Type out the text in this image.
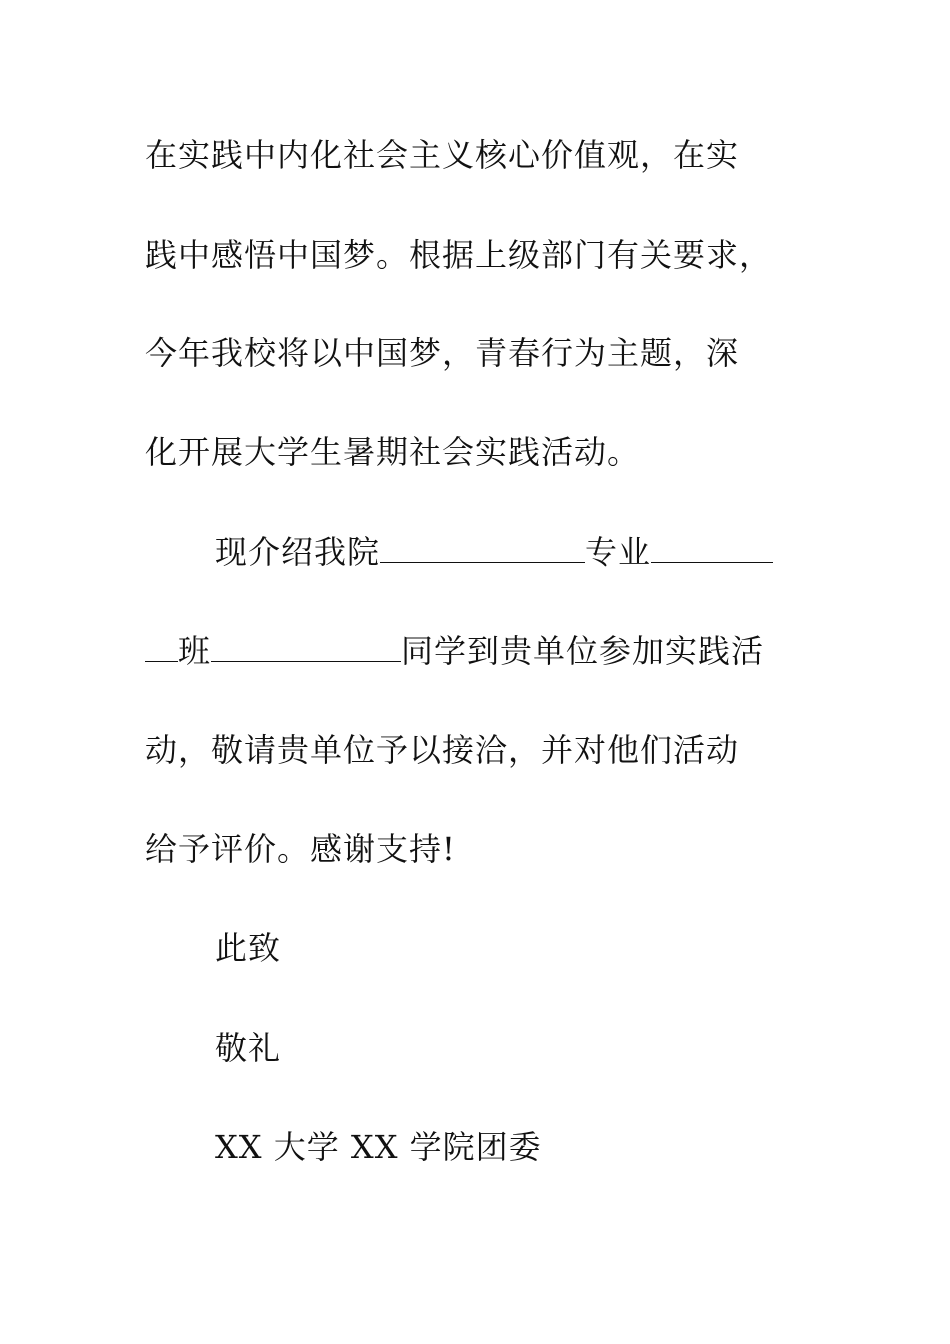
在实践中内化社会主义核心价值观，在实
践中感悟中国梦。根据上级部门有关要求，
今年我校将以中国梦，青春行为主题，深
化开展大学生暑期社会实践活动。
现介绍我院	专业
班	同学到贵单位参加实践活
动，敬请贵单位予以接洽，并对他们活动
给予评价。感谢支持!
此致
敬礼
XX 大学 XX 学院团委
